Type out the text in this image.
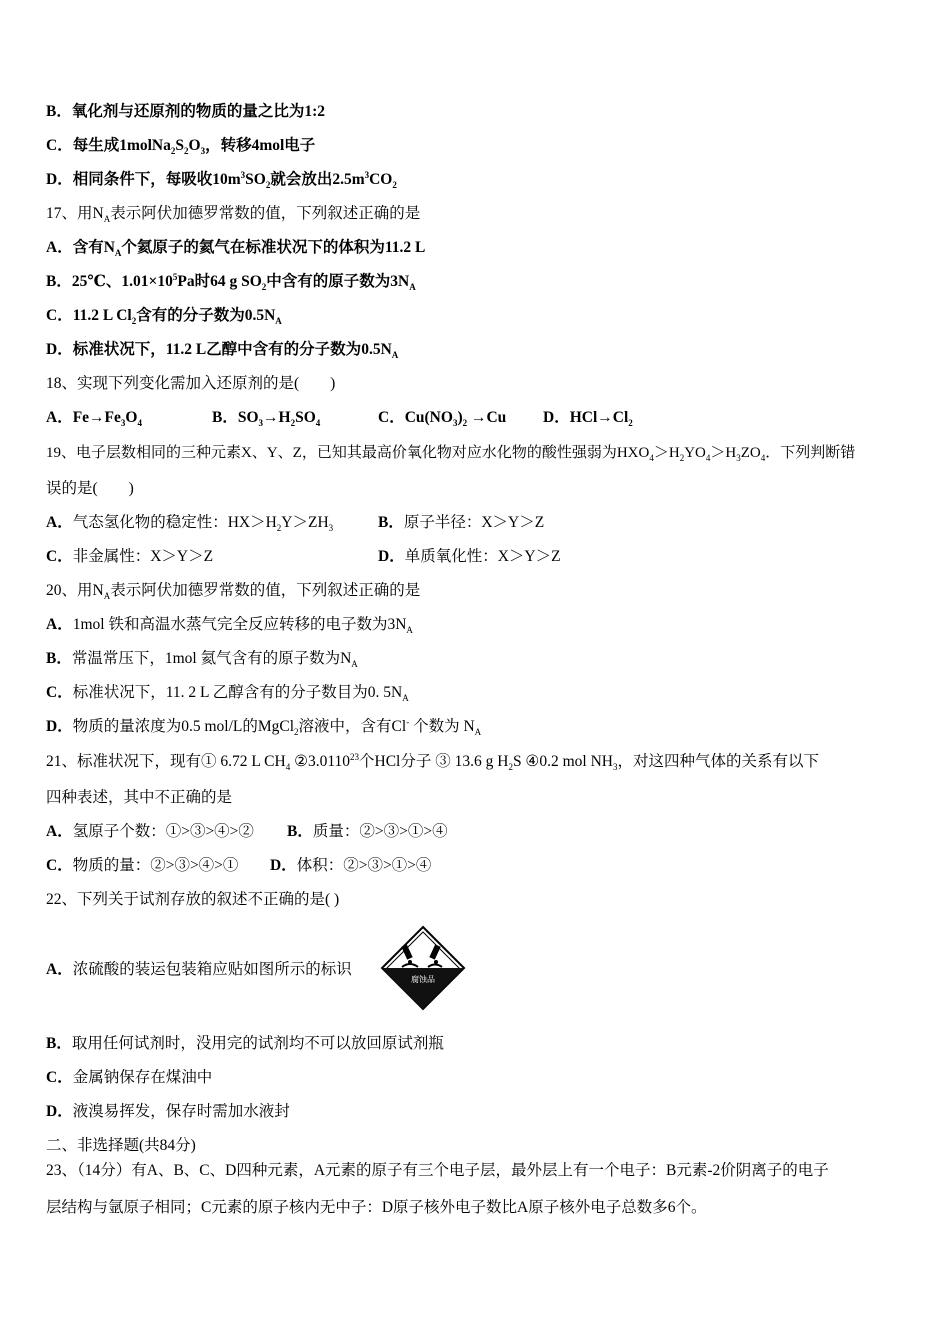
B．氧化剂与还原剂的物质的量之比为1:2
C．每生成$1molNa_2S_2O_3$，转移4mol电子
D．相同条件下，每吸收$10m^3SO_2$就会放出$2.5m^3CO_2$
17、用$N_A$表示阿伏加德罗常数的值，下列叙述正确的是
A．含有$N_A$个氦原子的氦气在标准状况下的体积为11.2 L
B．25℃、$1.01\times 10^5Pa$时64 g $SO_2$中含有的原子数为$3N_A$
C．11.2 L $Cl_2$含有的分子数为$0.5N_A$
D．标准状况下，11.2 L乙醇中含有的分子数为$0.5N_A$
18、实现下列变化需加入还原剂的是(　　)
A．$Fe\to Fe_3O_4$	B．$SO_3\to H_2SO_4$	C．$Cu(NO_3)_2 \to Cu$ D．$HCl\to Cl_2$
19、电子层数相同的三种元素X、Y、Z，已知其最高价氧化物对应水化物的酸性强弱为$HXO_4>H_2YO_4>H_3ZO_4$．下列判断错
误的是(　　)
A．气态氢化物的稳定性：$HX>H_2Y>ZH_3$	B．原子半径：X＞Y＞Z
C．非金属性：X＞Y＞Z	D．单质氧化性：X＞Y＞Z
20、用$N_A$表示阿伏加德罗常数的值，下列叙述正确的是
A．1mol 铁和高温水蒸气完全反应转移的电子数为$3N_A$
B．常温常压下，1mol 氦气含有的原子数为$N_A$
C．标准状况下，11. 2 L 乙醇含有的分子数目为0. $5N_A$
D．物质的量浓度为0.5 mol/L的MgCl$_2$溶液中，含有Cl- 个数为 $N_A$
21、标准状况下，现有① 6.72 L $CH_4$ ②3.0110$^{23}$个HCl分子 ③ 13.6 g $H_2S$ ④0.2 mol $NH_3$，对这四种气体的关系有以下
四种表述，其中不正确的是
A．氢原子个数：①>③>④>② B．质量：②>③>①>④
C．物质的量：②>③>④>① D．体积：②>③>①>④
22、下列关于试剂存放的叙述不正确的是( )
A．浓硫酸的装运包装箱应贴如图所示的标识
腐蚀品
B．取用任何试剂时，没用完的试剂均不可以放回原试剂瓶
C．金属钠保存在煤油中
D．液溴易挥发，保存时需加水液封
二、非选择题(共84分)
23、（14分）有A、B、C、D四种元素，A元素的原子有三个电子层，最外层上有一个电子：B元素-2价阴离子的电子
层结构与氩原子相同；C元素的原子核内无中子：D原子核外电子数比A原子核外电子总数多6个。
